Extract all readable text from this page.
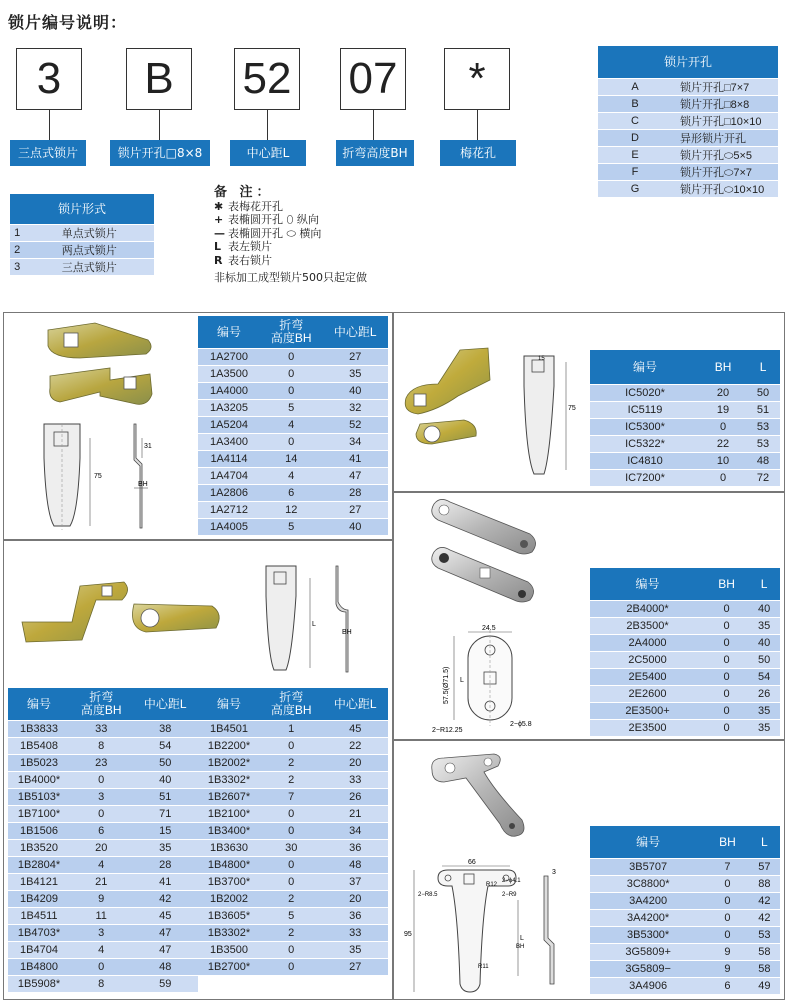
锁片编号说明：
3	B	52 07	*
三点式锁片	锁片开孔□8×8	中心距L	折弯高度BH	梅花孔
锁片形式	
1	单点式锁片
2	两点式锁片
3	三点式锁片
备 注：
✱ 表梅花开孔
+ 表椭圆开孔 ⬯ 纵向
— 表椭圆开孔 ⬭ 横向
L 表左锁片
R 表右锁片
非标加工成型锁片500只起定做
锁片开孔	
A	锁片开孔□7×7
B	锁片开孔□8×8
C	锁片开孔□10×10
D	异形锁片开孔
E	锁片开孔⬭5×5
F	锁片开孔⬭7×7
G	锁片开孔⬭10×10
75
31
BH
编号	折弯
高度BH	中心距L
1A2700	0	27
1A3500	0	35
1A4000	0	40
1A3205	5	32
1A5204	4	52
1A3400	0	34
1A4114	14	41
1A4704	4	47
1A2806	6	28
1A2712	12	27
1A4005	5	40
75
15
编号	BH	L
IC5020*	20	50
IC5119	19	51
IC5300*	0	53
IC5322*	22	53
IC4810	10	48
IC7200*	0	72
L
BH
编号	折弯
高度BH	中心距L
1B3833	33	38
1B5408	8	54
1B5023	23	50
1B4000*	0	40
1B5103*	3	51
1B7100*	0	71
1B1506	6	15
1B3520	20	35
1B2804*	4	28
1B4121	21	41
1B4209	9	42
1B4511	11	45
1B4703*	3	47
1B4704	4	47
1B4800	0	48
1B5908*	8	59
编号	折弯
高度BH	中心距L
1B4501	1	45
1B2200*	0	22
1B2002*	2	20
1B3302*	2	33
1B2607*	7	26
1B2100*	0	21
1B3400*	0	34
1B3630	30	36
1B4800*	0	48
1B3700*	0	37
1B2002	2	20
1B3605*	5	36
1B3302*	2	33
1B3500	0	35
1B2700*	0	27
24.5
57.5(Ø71.5) L
2−R12.25
2−ϕ5.8
编号	BH	L
2B4000*	0	40
2B3500*	0	35
2A4000	0	40
2C5000	0	50
2E5400	0	54
2E2600	0	26
2E3500+	0	35
2E3500	0	35
66
2−ϕ4.1
2−R8.5	2−R9
R12
95
R11
L
BH
3
编号	BH	L
3B5707	7	57
3C8800*	0	88
3A4200	0	42
3A4200*	0	42
3B5300*	0	53
3G5809+	9	58
3G5809−	9	58
3A4906	6	49
